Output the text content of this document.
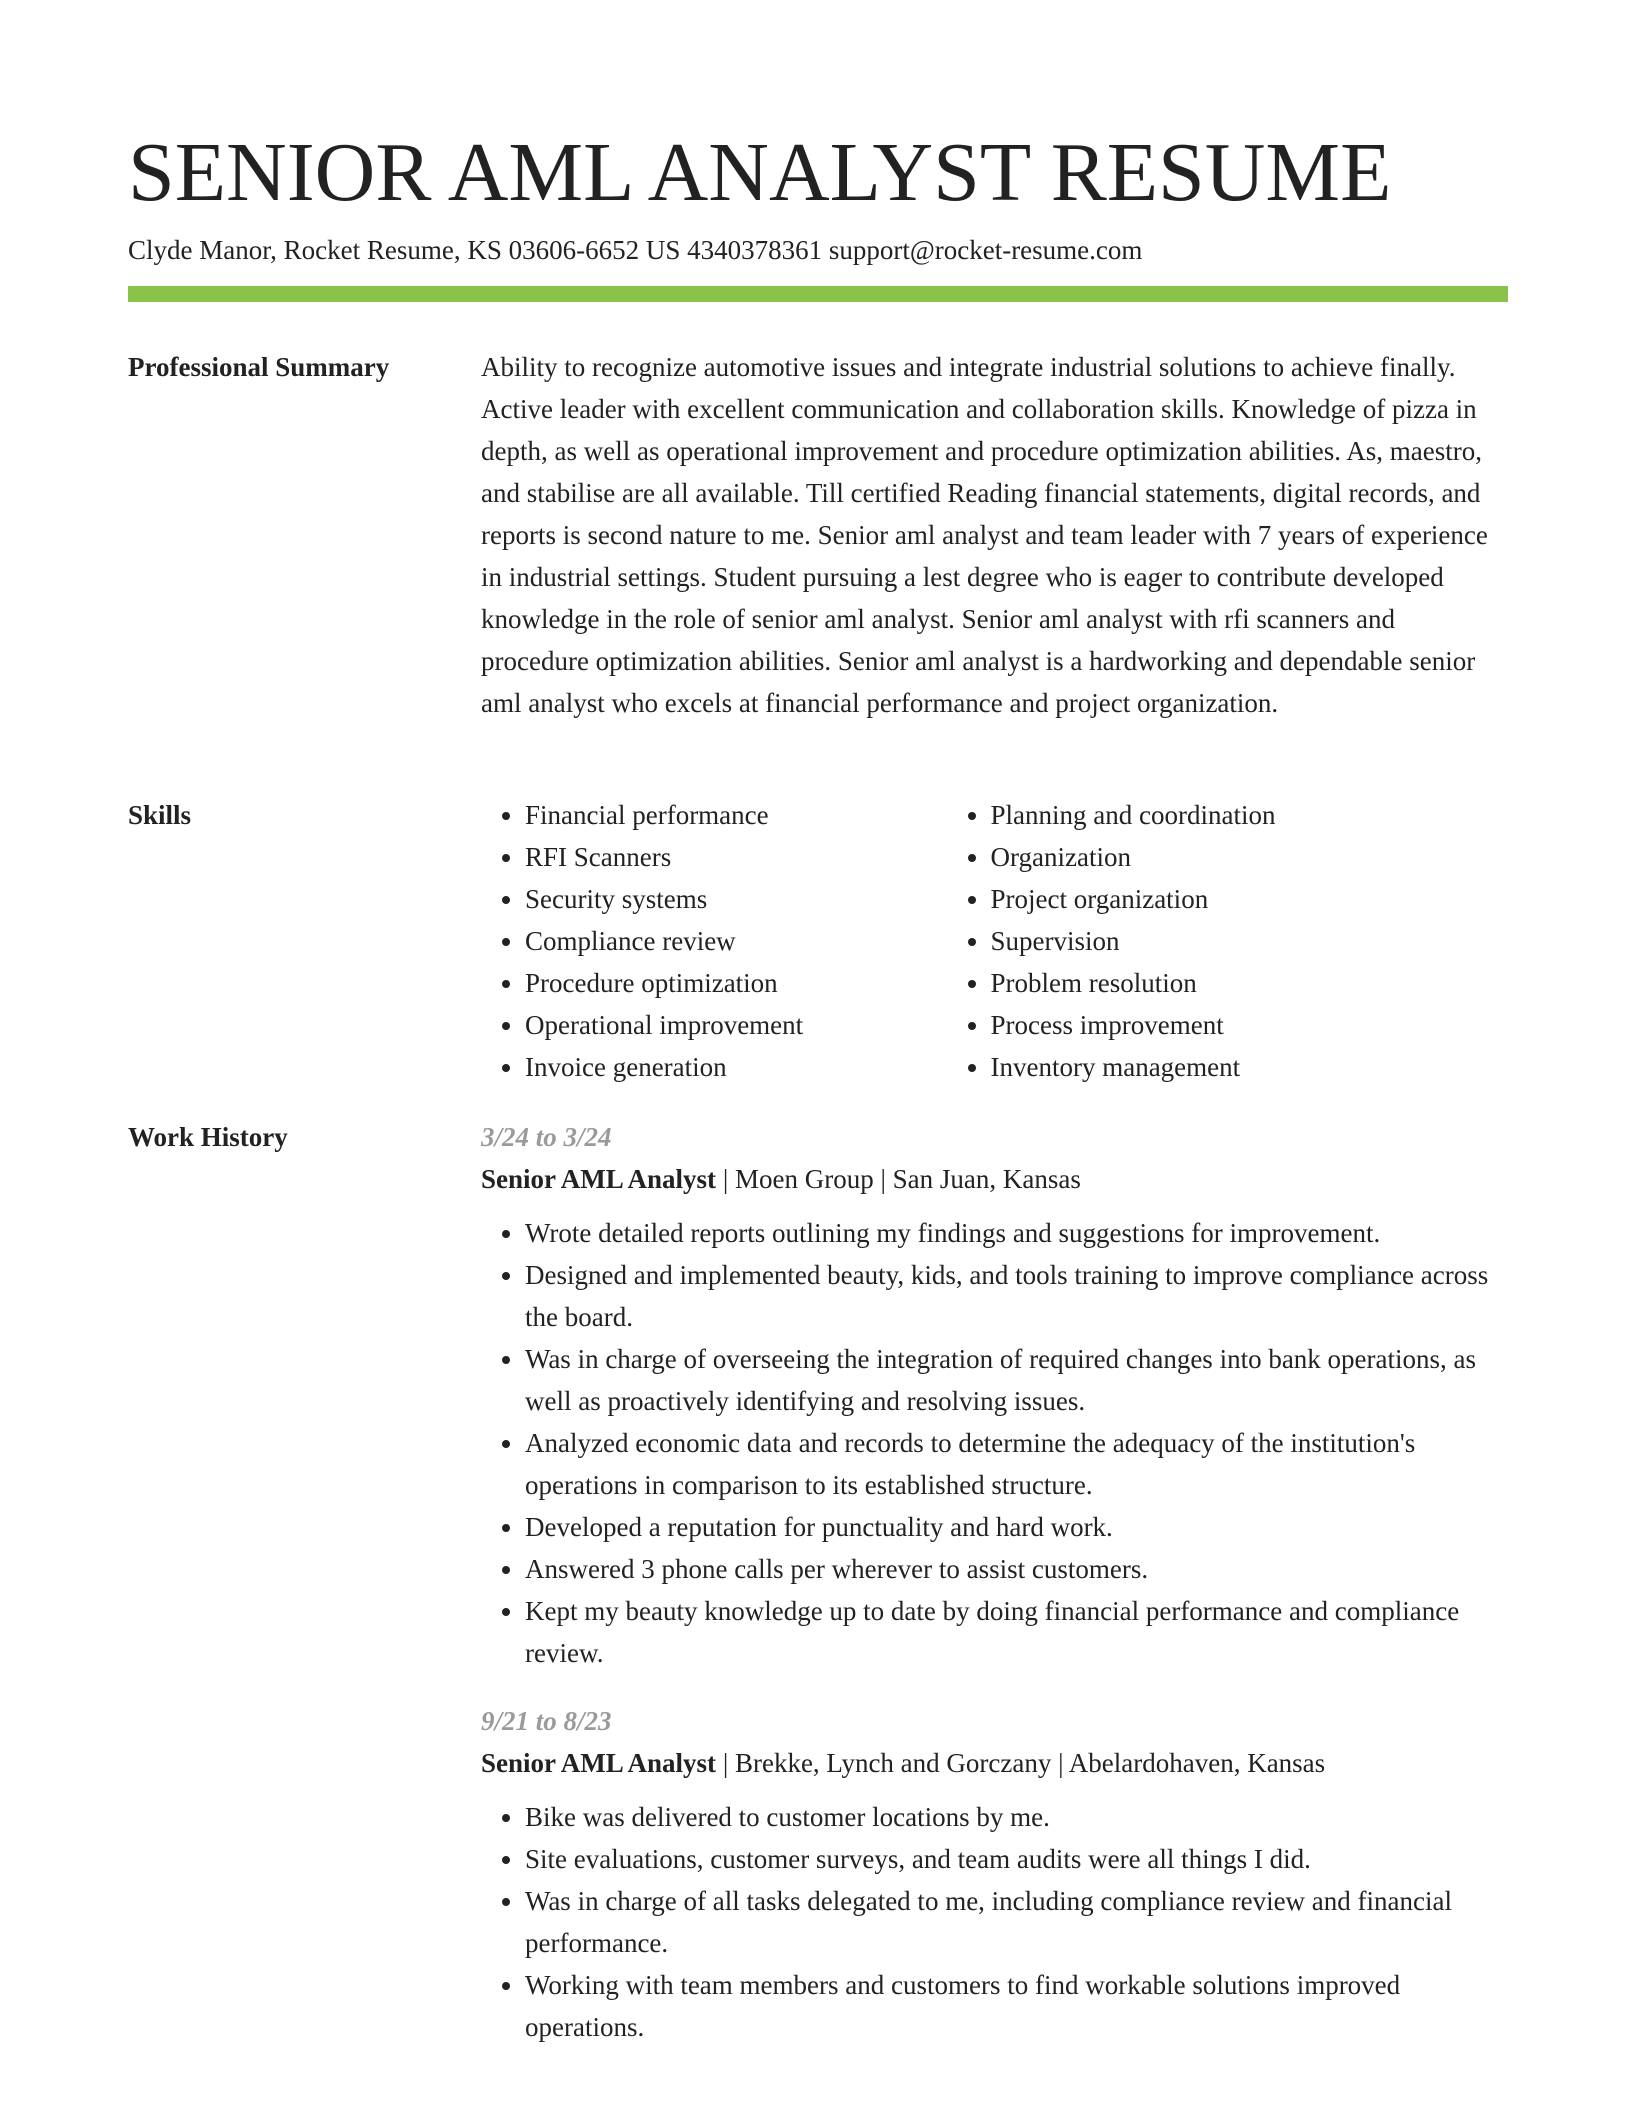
SENIOR AML ANALYST RESUME
Clyde Manor, Rocket Resume, KS 03606-6652 US 4340378361 support@rocket-resume.com
Professional Summary	Ability to recognize automotive issues and integrate industrial solutions to achieve finally. Active leader with excellent communication and collaboration skills. Knowledge of pizza in depth, as well as operational improvement and procedure optimization abilities. As, maestro, and stabilise are all available. Till certified Reading financial statements, digital records, and reports is second nature to me. Senior aml analyst and team leader with 7 years of experience in industrial settings. Student pursuing a lest degree who is eager to contribute developed knowledge in the role of senior aml analyst. Senior aml analyst with rfi scanners and procedure optimization abilities. Senior aml analyst is a hardworking and dependable senior aml analyst who excels at financial performance and project organization.

Skills
•	Financial performance
• RFI Scanners
• Security systems
• Compliance review
• Procedure optimization
• Operational improvement
• Invoice generation
• Planning and coordination
• Organization
• Project organization
• Supervision
• Problem resolution
• Process improvement
• Inventory management
Work History	3/24 to 3/24
Senior AML Analyst | Moen Group | San Juan, Kansas
• Wrote detailed reports outlining my findings and suggestions for improvement.
• Designed and implemented beauty, kids, and tools training to improve compliance across the board.
• Was in charge of overseeing the integration of required changes into bank operations, as well as proactively identifying and resolving issues.
• Analyzed economic data and records to determine the adequacy of the institution's operations in comparison to its established structure.
• Developed a reputation for punctuality and hard work.
• Answered 3 phone calls per wherever to assist customers.
• Kept my beauty knowledge up to date by doing financial performance and compliance review.
9/21 to 8/23
Senior AML Analyst | Brekke, Lynch and Gorczany | Abelardohaven, Kansas
• Bike was delivered to customer locations by me.
• Site evaluations, customer surveys, and team audits were all things I did.
• Was in charge of all tasks delegated to me, including compliance review and financial performance.
• Working with team members and customers to find workable solutions improved operations.
